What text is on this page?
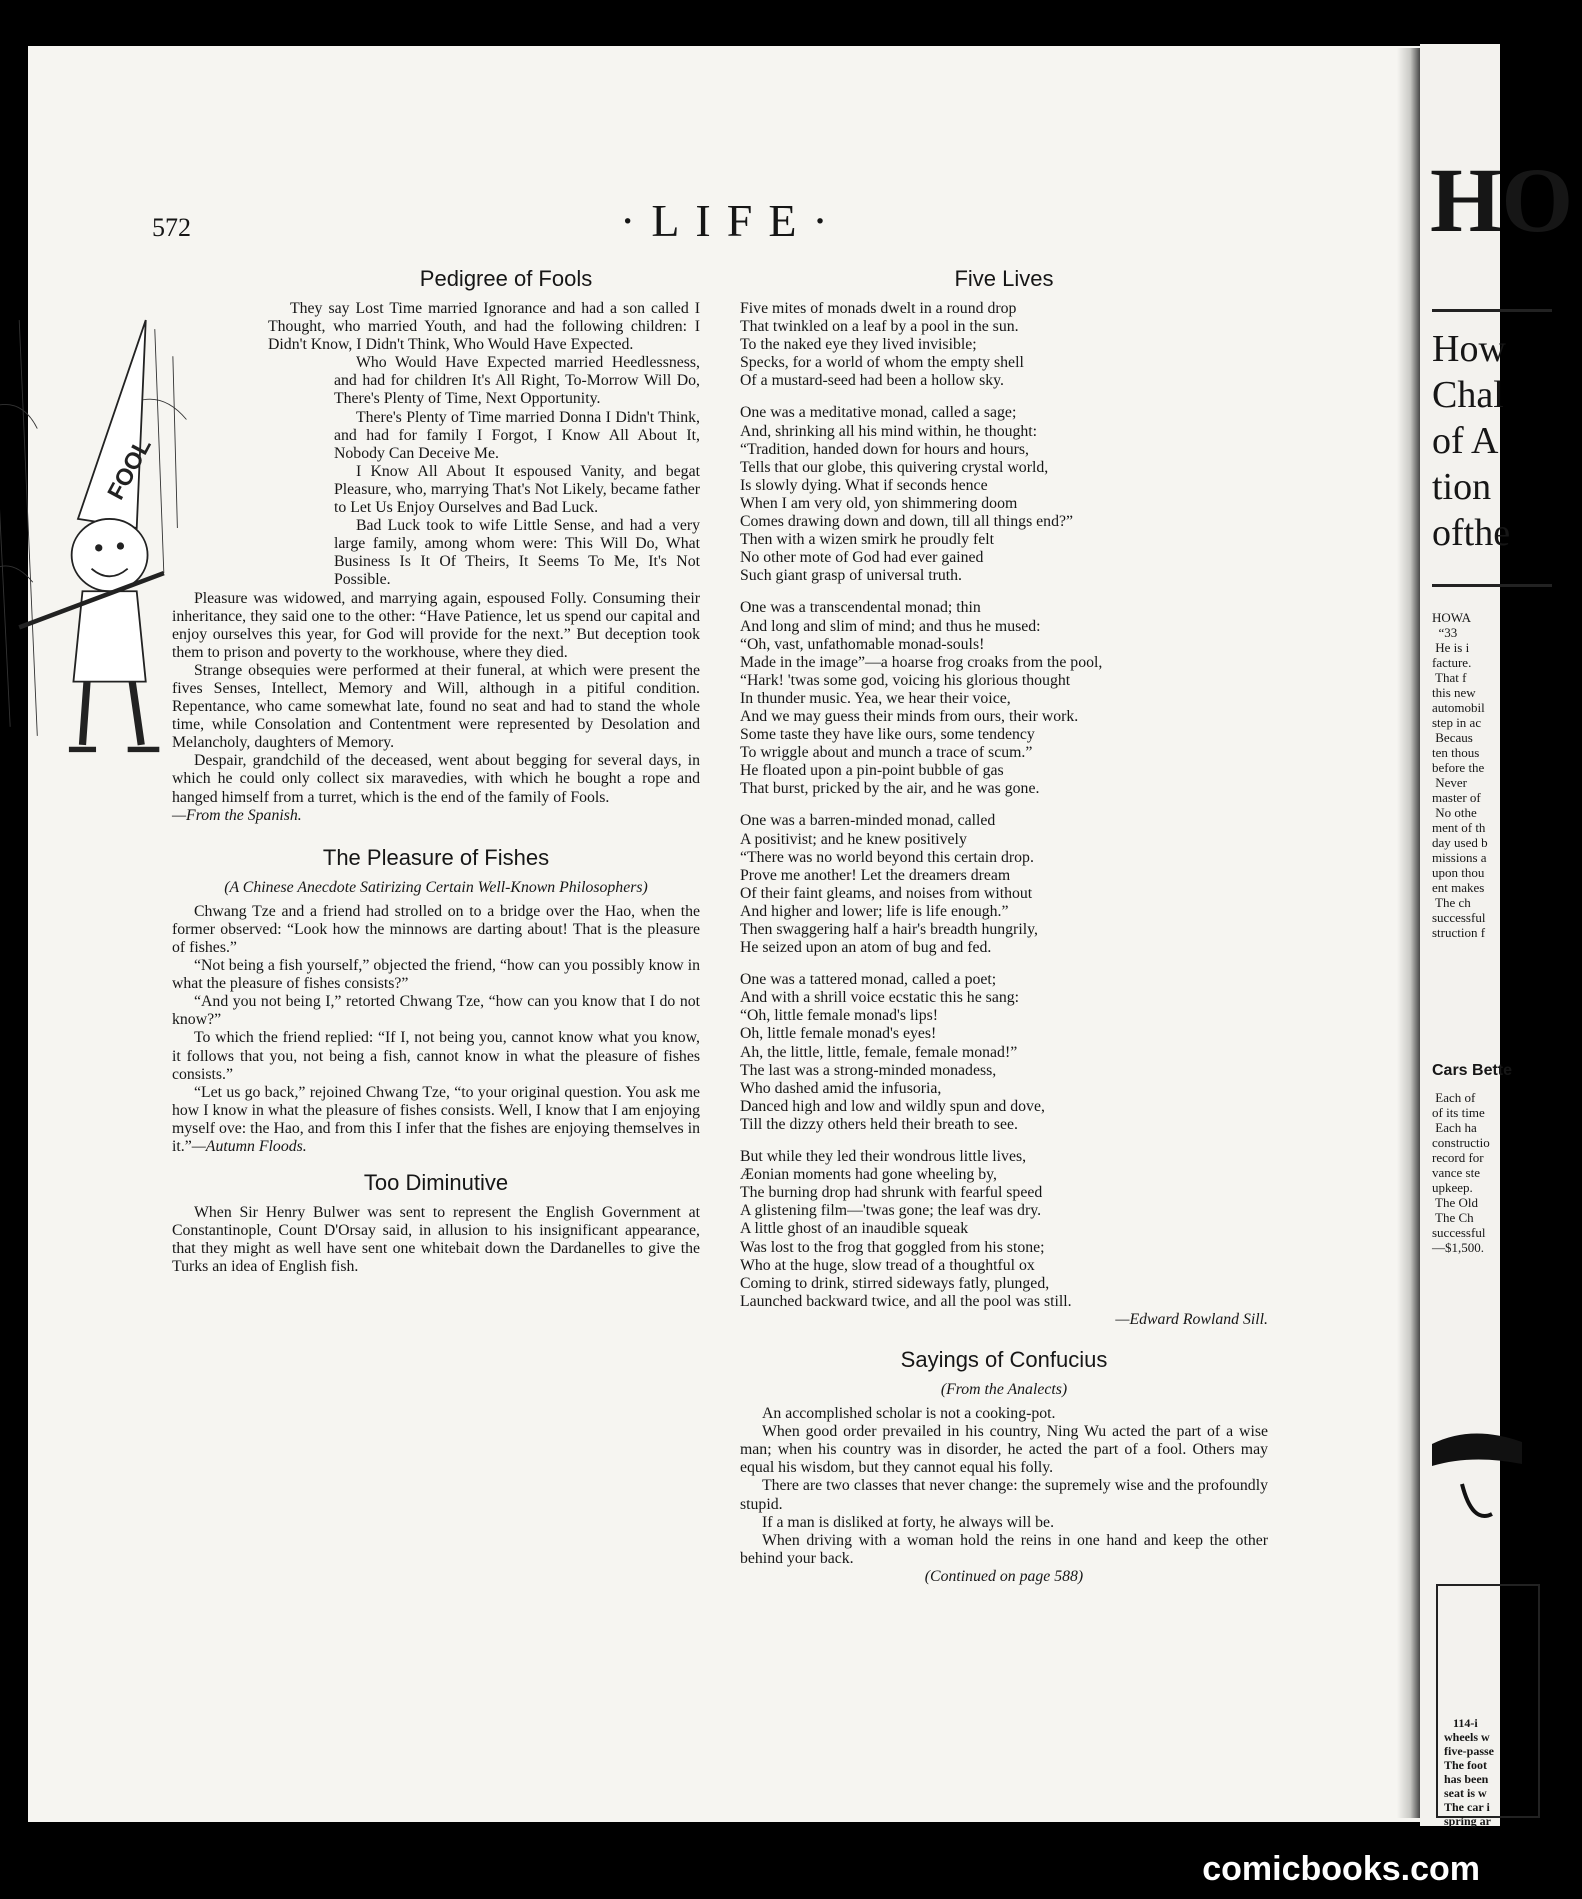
HO
How
Chal
of A
tion
ofthe
HOWA
“33
He is i
facture.
That f
this new
automobil
step in ac
Becaus
ten thous
before the
Never
master of
No othe
ment of th
day used b
missions a
upon thou
ent makes
The ch
successful
struction f
Cars Bette
Each of
of its time
Each ha
constructio
record for
vance ste
upkeep.
The Old
The Ch
successful
—$1,500.
114-i
wheels w
five-passe
The foot
has been
seat is w
The car i
spring ar
572	·LIFE·
Pedigree of Fools
FOOL

They say Lost Time married Ignorance and had a son called I Thought, who married Youth, and had the following children: I Didn't Know, I Didn't Think, Who Would Have Expected.

Who Would Have Expected married Heedlessness, and had for children It's All Right, To-Morrow Will Do, There's Plenty of Time, Next Opportunity.

There's Plenty of Time married Donna I Didn't Think, and had for family I Forgot, I Know All About It, Nobody Can Deceive Me.

I Know All About It espoused Vanity, and begat Pleasure, who, marrying That's Not Likely, became father to Let Us Enjoy Ourselves and Bad Luck.

Bad Luck took to wife Little Sense, and had a very large family, among whom were: This Will Do, What Business Is It Of Theirs, It Seems To Me, It's Not Possible.

Pleasure was widowed, and marrying again, espoused Folly. Consuming their inheritance, they said one to the other: “Have Patience, let us spend our capital and enjoy ourselves this year, for God will provide for the next.” But deception took them to prison and poverty to the workhouse, where they died.

Strange obsequies were performed at their funeral, at which were present the fives Senses, Intellect, Memory and Will, although in a pitiful condition. Repentance, who came somewhat late, found no seat and had to stand the whole time, while Consolation and Contentment were represented by Desolation and Melancholy, daughters of Memory.

Despair, grandchild of the deceased, went about begging for several days, in which he could only collect six maravedies, with which he bought a rope and hanged himself from a turret, which is the end of the family of Fools.

—From the Spanish.

The Pleasure of Fishes

(A Chinese Anecdote Satirizing Certain Well-Known Philosophers)

Chwang Tze and a friend had strolled on to a bridge over the Hao, when the former observed: “Look how the minnows are darting about! That is the pleasure of fishes.”

“Not being a fish yourself,” objected the friend, “how can you possibly know in what the pleasure of fishes consists?”

“And you not being I,” retorted Chwang Tze, “how can you know that I do not know?”

To which the friend replied: “If I, not being you, cannot know what you know, it follows that you, not being a fish, cannot know in what the pleasure of fishes consists.”

“Let us go back,” rejoined Chwang Tze, “to your original question. You ask me how I know in what the pleasure of fishes consists. Well, I know that I am enjoying myself ove: the Hao, and from this I infer that the fishes are enjoying themselves in it.”—Autumn Floods.

Too Diminutive

When Sir Henry Bulwer was sent to represent the English Government at Constantinople, Count D'Orsay said, in allusion to his insignificant appearance, that they might as well have sent one whitebait down the Dardanelles to give the Turks an idea of English fish.

Five Lives
Five mites of monads dwelt in a round drop
That twinkled on a leaf by a pool in the sun.
To the naked eye they lived invisible;
Specks, for a world of whom the empty shell
Of a mustard-seed had been a hollow sky.
One was a meditative monad, called a sage;
And, shrinking all his mind within, he thought:
“Tradition, handed down for hours and hours,
Tells that our globe, this quivering crystal world,
Is slowly dying. What if seconds hence
When I am very old, yon shimmering doom
Comes drawing down and down, till all things end?”
Then with a wizen smirk he proudly felt
No other mote of God had ever gained
Such giant grasp of universal truth.
One was a transcendental monad; thin
And long and slim of mind; and thus he mused:
“Oh, vast, unfathomable monad-souls!
Made in the image”—a hoarse frog croaks from the pool,
“Hark! 'twas some god, voicing his glorious thought
In thunder music. Yea, we hear their voice,
And we may guess their minds from ours, their work.
Some taste they have like ours, some tendency
To wriggle about and munch a trace of scum.”
He floated upon a pin-point bubble of gas
That burst, pricked by the air, and he was gone.
One was a barren-minded monad, called
A positivist; and he knew positively
“There was no world beyond this certain drop.
Prove me another! Let the dreamers dream
Of their faint gleams, and noises from without
And higher and lower; life is life enough.”
Then swaggering half a hair's breadth hungrily,
He seized upon an atom of bug and fed.
One was a tattered monad, called a poet;
And with a shrill voice ecstatic this he sang:
“Oh, little female monad's lips!
Oh, little female monad's eyes!
Ah, the little, little, female, female monad!”
The last was a strong-minded monadess,
Who dashed amid the infusoria,
Danced high and low and wildly spun and dove,
Till the dizzy others held their breath to see.
But while they led their wondrous little lives,
Æonian moments had gone wheeling by,
The burning drop had shrunk with fearful speed
A glistening film—'twas gone; the leaf was dry.
A little ghost of an inaudible squeak
Was lost to the frog that goggled from his stone;
Who at the huge, slow tread of a thoughtful ox
Coming to drink, stirred sideways fatly, plunged,
Launched backward twice, and all the pool was still.

—Edward Rowland Sill.

Sayings of Confucius

(From the Analects)

An accomplished scholar is not a cooking-pot.

When good order prevailed in his country, Ning Wu acted the part of a wise man; when his country was in disorder, he acted the part of a fool. Others may equal his wisdom, but they cannot equal his folly.

There are two classes that never change: the supremely wise and the profoundly stupid.

If a man is disliked at forty, he always will be.

When driving with a woman hold the reins in one hand and keep the other behind your back.

(Continued on page 588)

comicbooks.com
